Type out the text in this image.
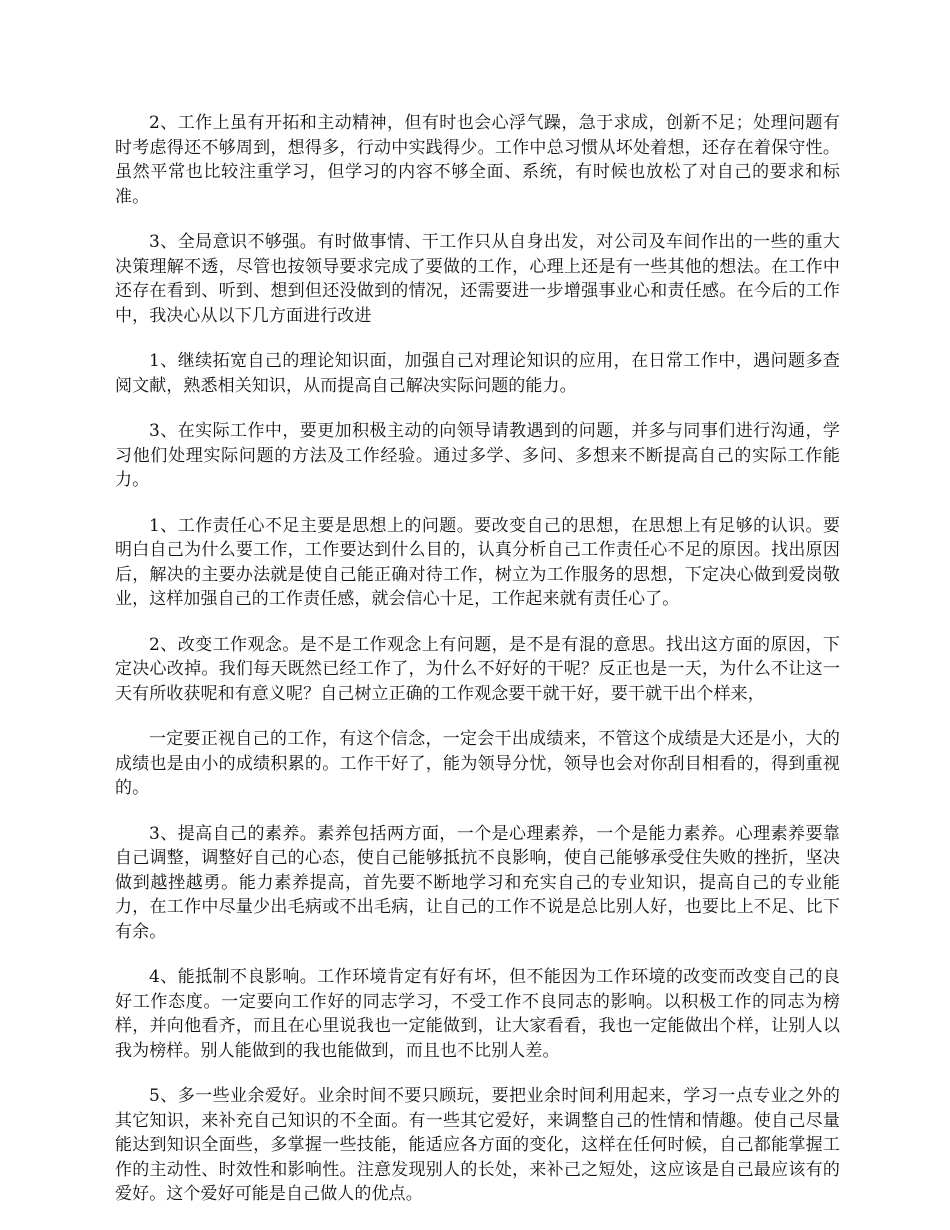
2、工作上虽有开拓和主动精神，但有时也会心浮气躁，急于求成，创新不足；处理问题有时考虑得还不够周到，想得多，行动中实践得少。工作中总习惯从坏处着想，还存在着保守性。虽然平常也比较注重学习，但学习的内容不够全面、系统，有时候也放松了对自己的要求和标准。

3、全局意识不够强。有时做事情、干工作只从自身出发，对公司及车间作出的一些的重大决策理解不透，尽管也按领导要求完成了要做的工作，心理上还是有一些其他的想法。在工作中还存在看到、听到、想到但还没做到的情况，还需要进一步增强事业心和责任感。在今后的工作中，我决心从以下几方面进行改进

1、继续拓宽自己的理论知识面，加强自己对理论知识的应用，在日常工作中，遇问题多查阅文献，熟悉相关知识，从而提高自己解决实际问题的能力。

3、在实际工作中，要更加积极主动的向领导请教遇到的问题，并多与同事们进行沟通，学习他们处理实际问题的方法及工作经验。通过多学、多问、多想来不断提高自己的实际工作能力。

1、工作责任心不足主要是思想上的问题。要改变自己的思想，在思想上有足够的认识。要明白自己为什么要工作，工作要达到什么目的，认真分析自己工作责任心不足的原因。找出原因后，解决的主要办法就是使自己能正确对待工作，树立为工作服务的思想，下定决心做到爱岗敬业，这样加强自己的工作责任感，就会信心十足，工作起来就有责任心了。

2、改变工作观念。是不是工作观念上有问题，是不是有混的意思。找出这方面的原因，下定决心改掉。我们每天既然已经工作了，为什么不好好的干呢？反正也是一天，为什么不让这一天有所收获呢和有意义呢？自己树立正确的工作观念要干就干好，要干就干出个样来，

一定要正视自己的工作，有这个信念，一定会干出成绩来，不管这个成绩是大还是小，大的成绩也是由小的成绩积累的。工作干好了，能为领导分忧，领导也会对你刮目相看的，得到重视的。

3、提高自己的素养。素养包括两方面，一个是心理素养，一个是能力素养。心理素养要靠自己调整，调整好自己的心态，使自己能够抵抗不良影响，使自己能够承受住失败的挫折，坚决做到越挫越勇。能力素养提高，首先要不断地学习和充实自己的专业知识，提高自己的专业能力，在工作中尽量少出毛病或不出毛病，让自己的工作不说是总比别人好，也要比上不足、比下有余。

4、能抵制不良影响。工作环境肯定有好有坏，但不能因为工作环境的改变而改变自己的良好工作态度。一定要向工作好的同志学习，不受工作不良同志的影响。以积极工作的同志为榜样，并向他看齐，而且在心里说我也一定能做到，让大家看看，我也一定能做出个样，让别人以我为榜样。别人能做到的我也能做到，而且也不比别人差。

5、多一些业余爱好。业余时间不要只顾玩，要把业余时间利用起来，学习一点专业之外的其它知识，来补充自己知识的不全面。有一些其它爱好，来调整自己的性情和情趣。使自己尽量能达到知识全面些，多掌握一些技能，能适应各方面的变化，这样在任何时候，自己都能掌握工作的主动性、时效性和影响性。注意发现别人的长处，来补己之短处，这应该是自己最应该有的爱好。这个爱好可能是自己做人的优点。
